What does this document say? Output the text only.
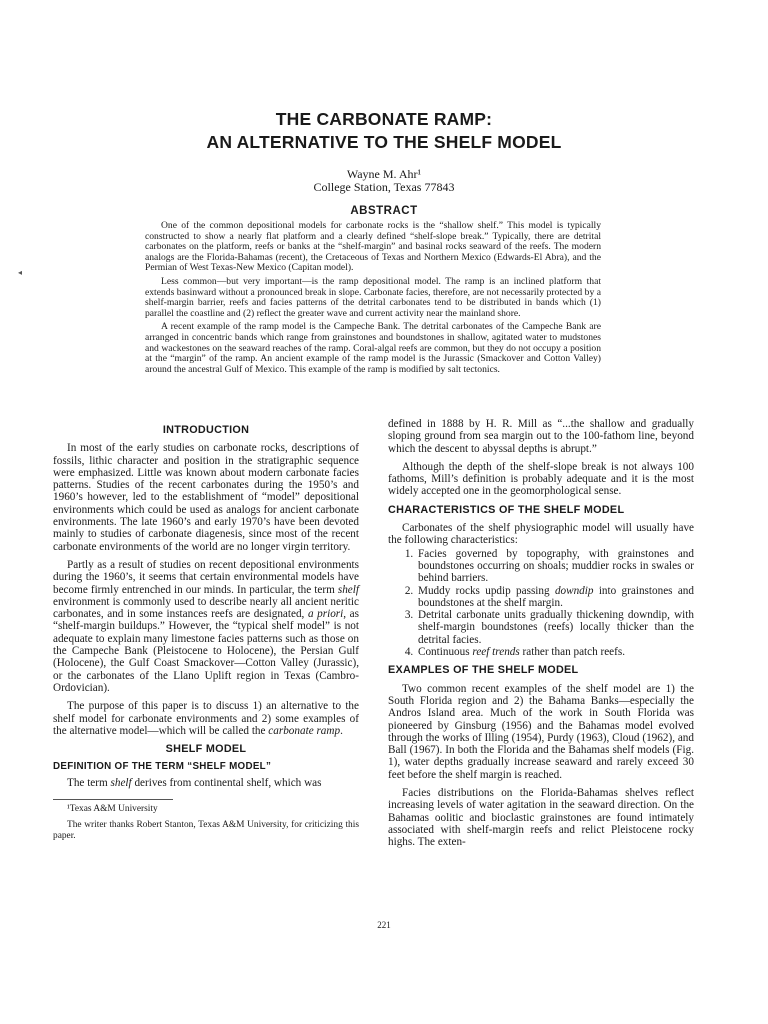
THE CARBONATE RAMP:
AN ALTERNATIVE TO THE SHELF MODEL
Wayne M. Ahr¹
College Station, Texas 77843
◂
ABSTRACT

One of the common depositional models for carbonate rocks is the “shallow shelf.” This model is typically constructed to show a nearly flat platform and a clearly defined “shelf-slope break.” Typically, there are detrital carbonates on the platform, reefs or banks at the “shelf-margin” and basinal rocks seaward of the reefs. The modern analogs are the Florida-Bahamas (recent), the Cretaceous of Texas and Northern Mexico (Edwards-El Abra), and the Permian of West Texas-New Mexico (Capitan model).

Less common—but very important—is the ramp depositional model. The ramp is an inclined platform that extends basinward without a pronounced break in slope. Carbonate facies, therefore, are not necessarily protected by a shelf-margin barrier, reefs and facies patterns of the detrital carbonates tend to be distributed in bands which (1) parallel the coastline and (2) reflect the greater wave and current activity near the mainland shore.

A recent example of the ramp model is the Campeche Bank. The detrital carbonates of the Campeche Bank are arranged in concentric bands which range from grainstones and boundstones in shallow, agitated water to mudstones and wackestones on the seaward reaches of the ramp. Coral-algal reefs are common, but they do not occupy a position at the “margin” of the ramp. An ancient example of the ramp model is the Jurassic (Smackover and Cotton Valley) around the ancestral Gulf of Mexico. This example of the ramp is modified by salt tectonics.

INTRODUCTION

In most of the early studies on carbonate rocks, descriptions of fossils, lithic character and position in the stratigraphic sequence were emphasized. Little was known about modern carbonate facies patterns. Studies of the recent carbonates during the 1950’s and 1960’s however, led to the establishment of “model” depositional environments which could be used as analogs for ancient carbonate environments. The late 1960’s and early 1970’s have been devoted mainly to studies of carbonate diagenesis, since most of the recent carbonate environments of the world are no longer virgin territory.

Partly as a result of studies on recent depositional environments during the 1960’s, it seems that certain environmental models have become firmly entrenched in our minds. In particular, the term shelf environment is commonly used to describe nearly all ancient neritic carbonates, and in some instances reefs are designated, a priori, as “shelf-margin buildups.” However, the “typical shelf model” is not adequate to explain many limestone facies patterns such as those on the Campeche Bank (Pleistocene to Holocene), the Persian Gulf (Holocene), the Gulf Coast Smackover—Cotton Valley (Jurassic), or the carbonates of the Llano Uplift region in Texas (Cambro-Ordovician).

The purpose of this paper is to discuss 1) an alternative to the shelf model for carbonate environments and 2) some examples of the alternative model—which will be called the carbonate ramp.

SHELF MODEL
DEFINITION OF THE TERM “SHELF MODEL”

The term shelf derives from continental shelf, which was

¹Texas A&M University

The writer thanks Robert Stanton, Texas A&M University, for criticizing this paper.

defined in 1888 by H. R. Mill as “...the shallow and gradually sloping ground from sea margin out to the 100-fathom line, beyond which the descent to abyssal depths is abrupt.”

Although the depth of the shelf-slope break is not always 100 fathoms, Mill’s definition is probably adequate and it is the most widely accepted one in the geomorphological sense.

CHARACTERISTICS OF THE SHELF MODEL

Carbonates of the shelf physiographic model will usually have the following characteristics:

1. Facies governed by topography, with grainstones and boundstones occurring on shoals; muddier rocks in swales or behind barriers.
2. Muddy rocks updip passing downdip into grainstones and boundstones at the shelf margin.
3. Detrital carbonate units gradually thickening downdip, with shelf-margin boundstones (reefs) locally thicker than the detrital facies.
4. Continuous reef trends rather than patch reefs.
EXAMPLES OF THE SHELF MODEL

Two common recent examples of the shelf model are 1) the South Florida region and 2) the Bahama Banks—especially the Andros Island area. Much of the work in South Florida was pioneered by Ginsburg (1956) and the Bahamas model evolved through the works of Illing (1954), Purdy (1963), Cloud (1962), and Ball (1967). In both the Florida and the Bahamas shelf models (Fig. 1), water depths gradually increase seaward and rarely exceed 30 feet before the shelf margin is reached.

Facies distributions on the Florida-Bahamas shelves reflect increasing levels of water agitation in the seaward direction. On the Bahamas oolitic and bioclastic grainstones are found intimately associated with shelf-margin reefs and relict Pleistocene rocky highs. The exten-

221
